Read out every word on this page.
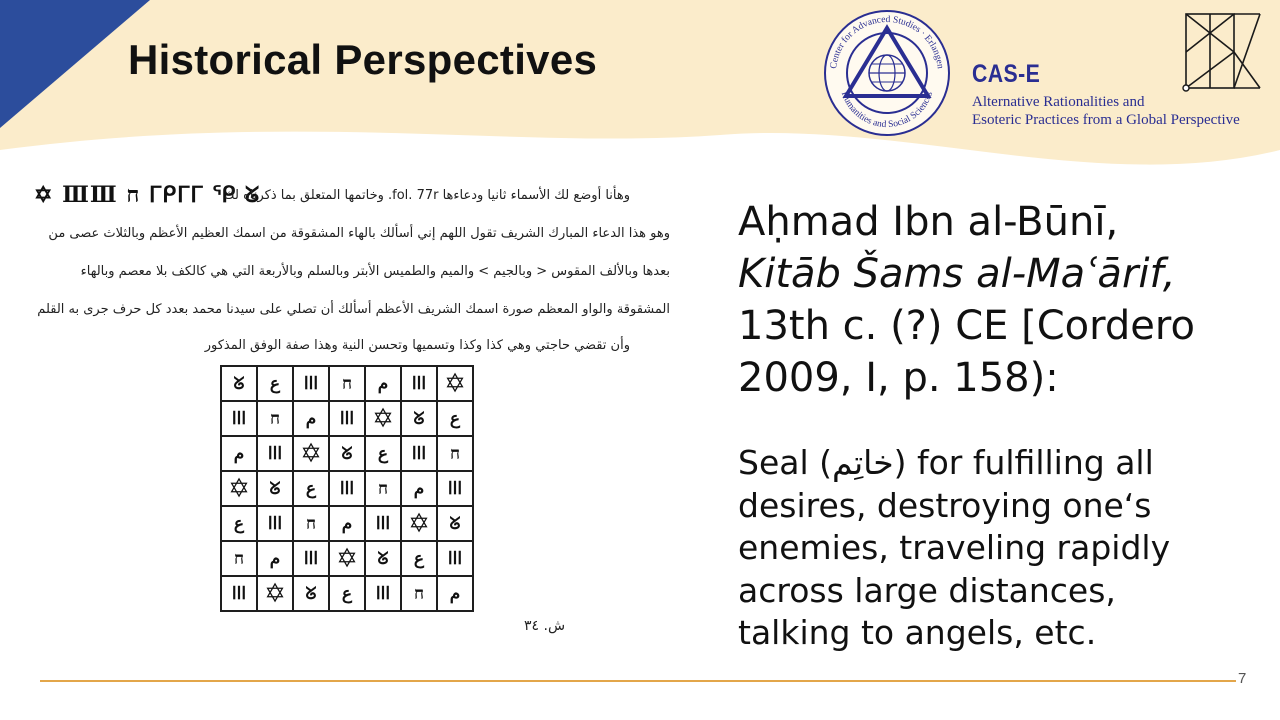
Historical Perspectives	Center for Advanced Studies · Erlangen
Humanities and Social Sciences
CAS-E
Alternative Rationalities and
Esoteric Practices from a Global Perspective
✡ ⅢⅢ ח ᒥᑭᒥᒥ ᕿ ᘜ
وهأنا أوضع لك الأسماء ثانيا ودعاءها fol. 77r. وخاتمها المتعلق بما ذكرناه لك
وهو هذا الدعاء المبارك الشريف تقول اللهم إني أسألك بالهاء المشقوقة من اسمك العظيم الأعظم وبالثلاث عصى من
بعدها وبالألف المقوس < وبالجيم > والميم والطميس الأبتر وبالسلم وبالأربعة التي هي كالكف بلا معصم وبالهاء
المشقوقة والواو المعظم صورة اسمك الشريف الأعظم أسألك أن تصلي على سيدنا محمد بعدد كل حرف جرى به القلم
وأن تقضي حاجتي وهي كذا وكذا وتسميها وتحسن النية وهذا صفة الوفق المذكور
ᘜ	ع	ااا	ח	م	ااا	✡
ااا	ח	م	ااا	✡	ᘜ	ع
م	ااا	✡	ᘜ	ع	ااا	ח
✡	ᘜ	ع	ااا	ח	م	ااا
ع	ااا	ח	م	ااا	✡	ᘜ
ח	م	ااا	✡	ᘜ	ع	ااا
ااا	✡	ᘜ	ع	ااا	ח	م
ش. ٣٤
Aḥmad Ibn al-Būnī,
Kitāb Šams al-Maʿārif,
13th c. (?) CE [Cordero
2009, I, p. 158):
Seal (خاتِم) for fulfilling all
desires, destroying one‘s
enemies, traveling rapidly
across large distances,
talking to angels, etc.
7
